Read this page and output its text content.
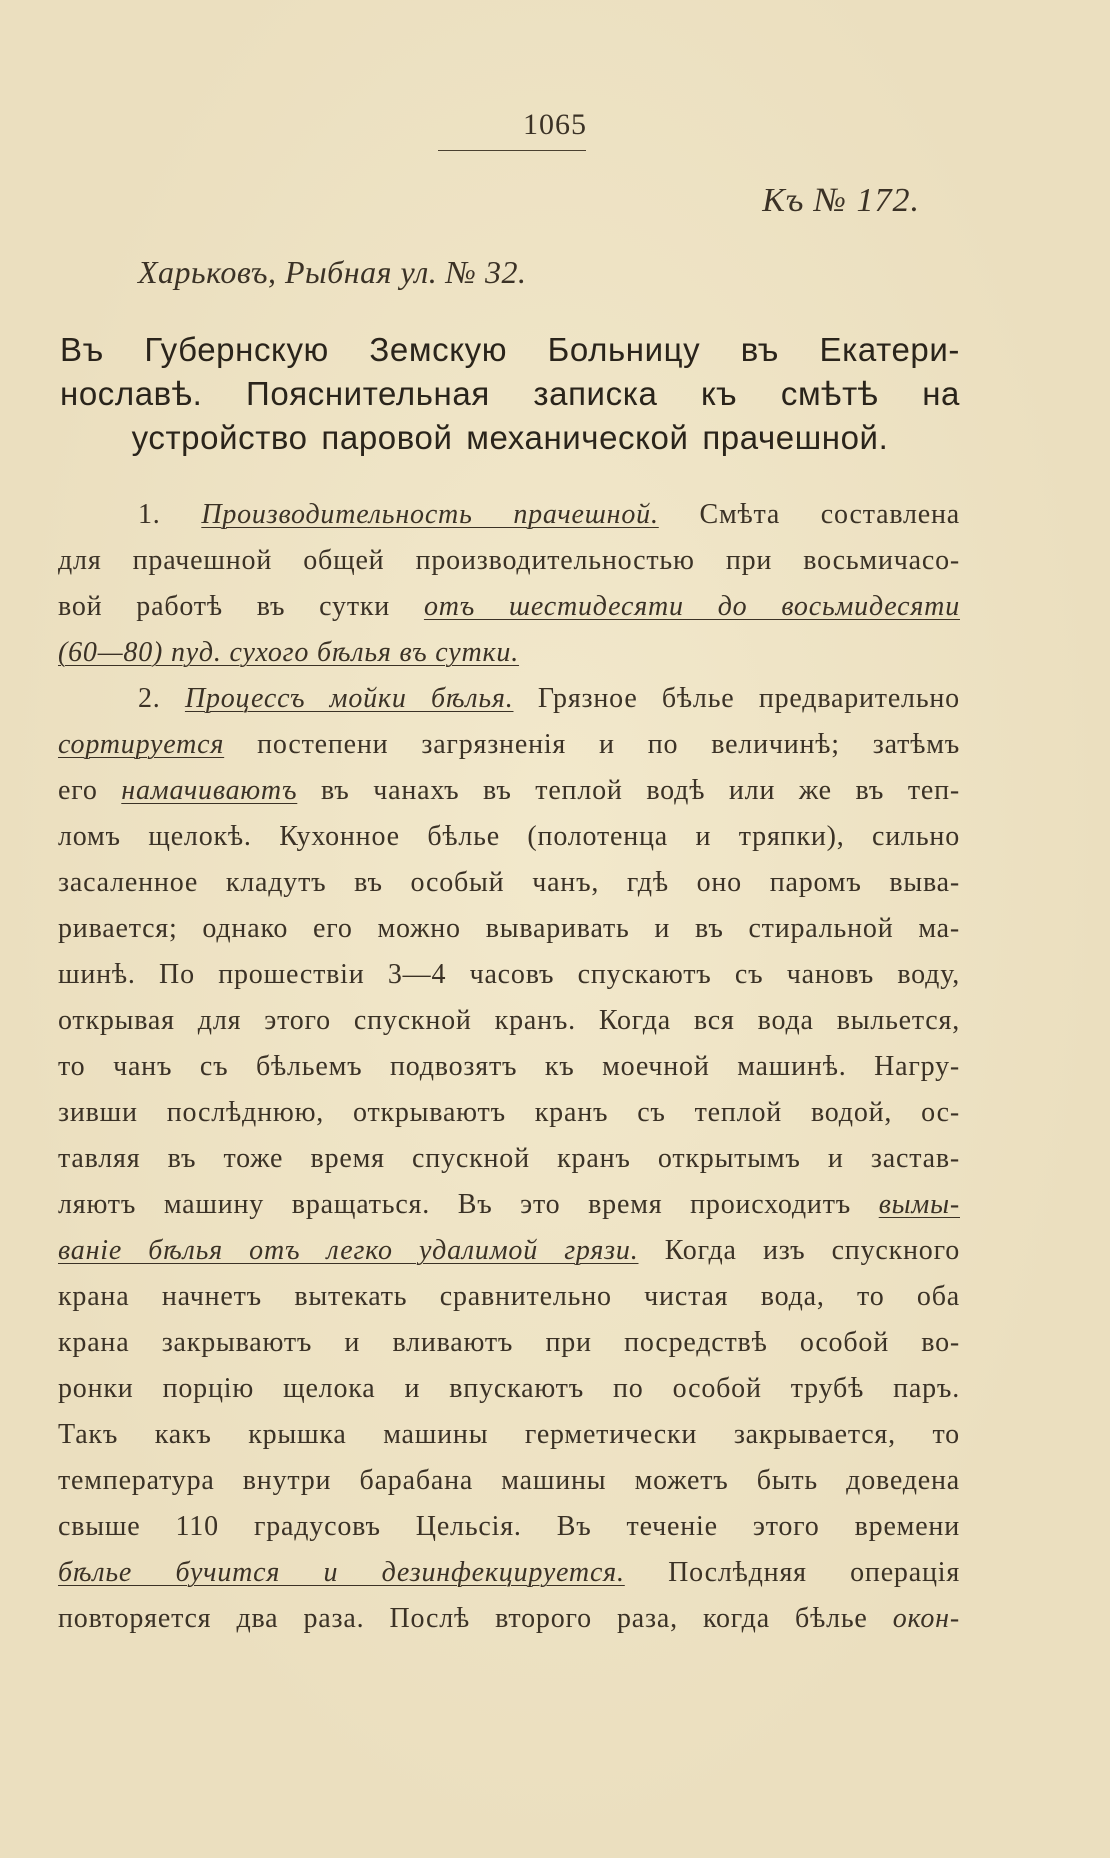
1065
Къ № 172.
Харьковъ, Рыбная ул. № 32.
Въ Губернскую Земскую Больницу въ Екатери-
нославѣ. Пояснительная записка къ смѣтѣ на
устройство паровой механической прачешной.
1. Производительность прачешной. Смѣта составлена
для прачешной общей производительностью при восьмичасо-
вой работѣ въ сутки отъ шестидесяти до восьмидесяти
(60—80) пуд. сухого бѣлья въ сутки.
2. Процессъ мойки бѣлья. Грязное бѣлье предварительно
сортируется постепени загрязненія и по величинѣ; затѣмъ
его намачиваютъ въ чанахъ въ теплой водѣ или же въ теп-
ломъ щелокѣ. Кухонное бѣлье (полотенца и тряпки), сильно
засаленное кладутъ въ особый чанъ, гдѣ оно паромъ выва-
ривается; однако его можно вываривать и въ стиральной ма-
шинѣ. По прошествіи 3—4 часовъ спускаютъ съ чановъ воду,
открывая для этого спускной кранъ. Когда вся вода выльется,
то чанъ съ бѣльемъ подвозятъ къ моечной машинѣ. Нагру-
зивши послѣднюю, открываютъ кранъ съ теплой водой, ос-
тавляя въ тоже время спускной кранъ открытымъ и застав-
ляютъ машину вращаться. Въ это время происходитъ вымы-
ваніе бѣлья отъ легко удалимой грязи. Когда изъ спускного
крана начнетъ вытекать сравнительно чистая вода, то оба
крана закрываютъ и вливаютъ при посредствѣ особой во-
ронки порцію щелока и впускаютъ по особой трубѣ паръ.
Такъ какъ крышка машины герметически закрывается, то
температура внутри барабана машины можетъ быть доведена
свыше 110 градусовъ Цельсія. Въ теченіе этого времени
бѣлье бучится и дезинфекцируется. Послѣдняя операція
повторяется два раза. Послѣ второго раза, когда бѣлье окон-
